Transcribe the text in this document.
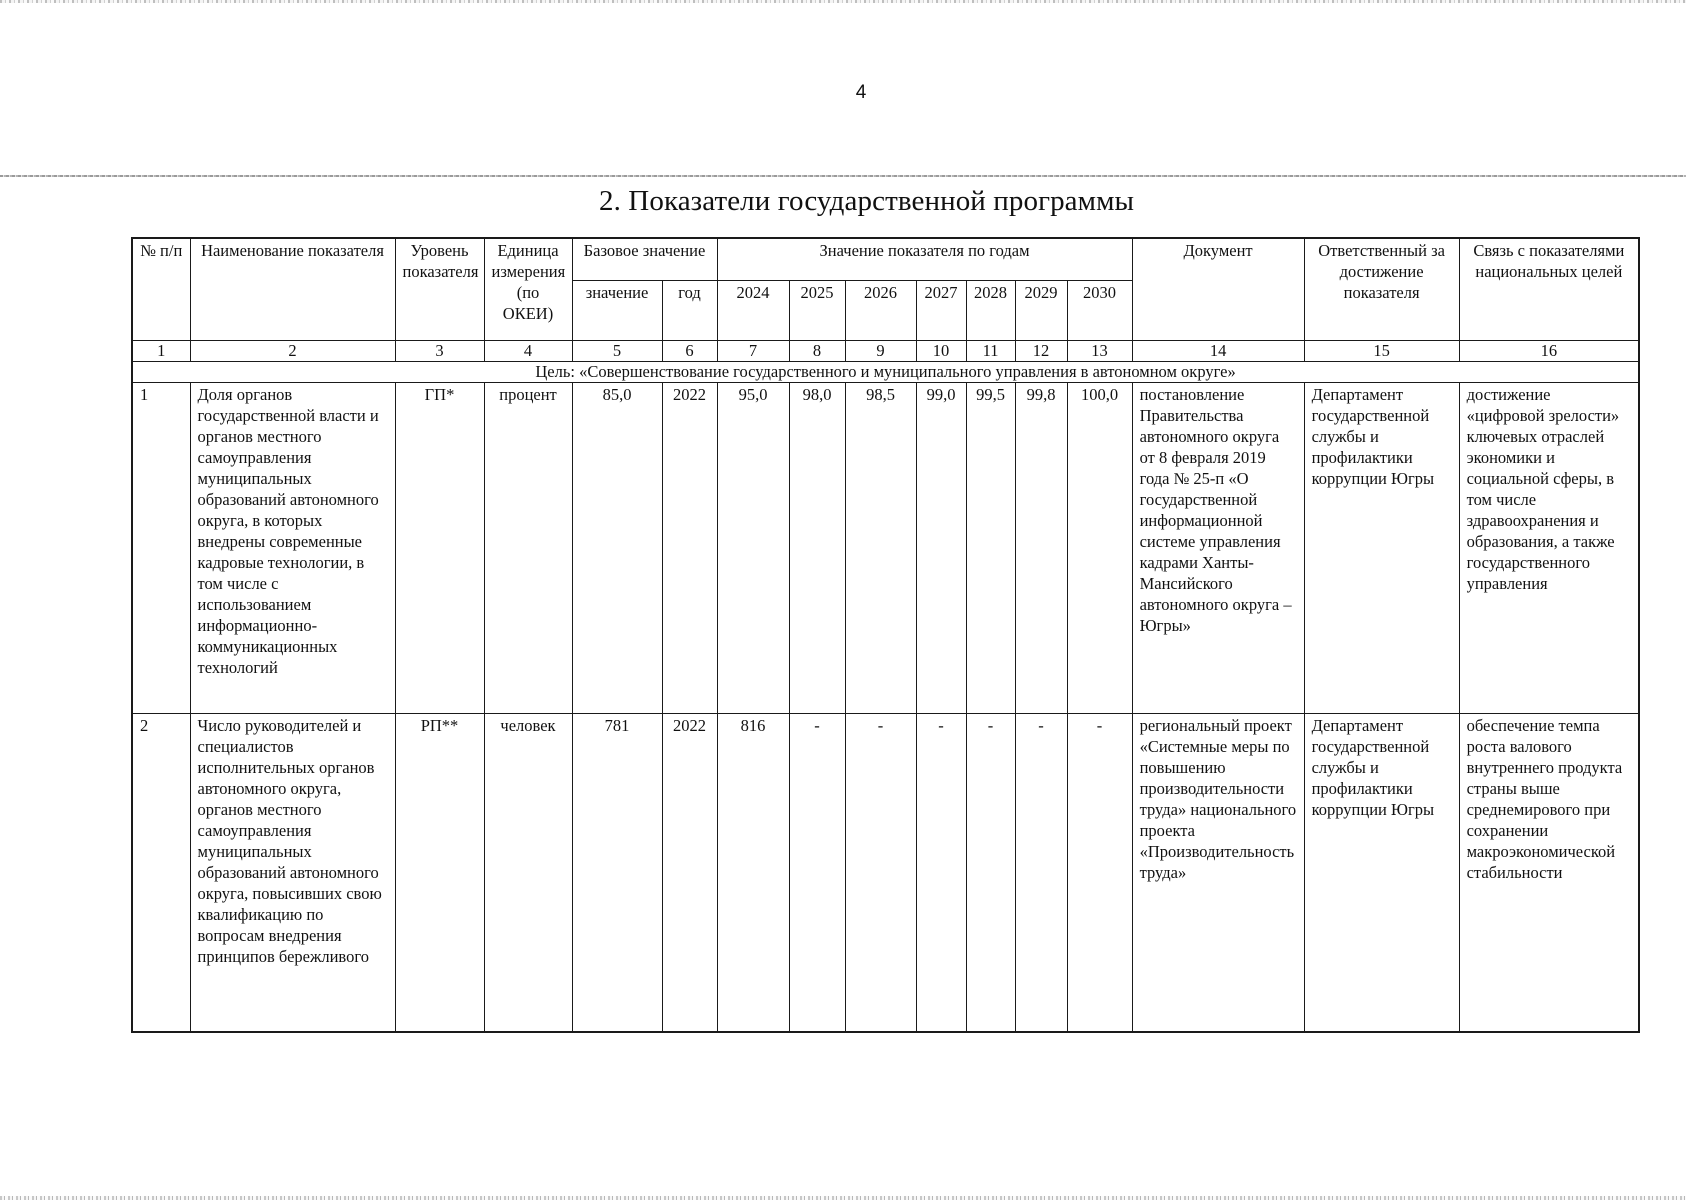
4
2. Показатели государственной программы
№ п/п	Наименование показателя	Уровень показателя	Единица измерения (по ОКЕИ)	Базовое значение		Значение показателя по годам							Документ	Ответственный за достижение показателя	Связь с показателями национальных целей
				значение	год	2024	2025	2026	2027	2028	2029	2030			
1	2	3	4	5	6	7	8	9	10	11	12	13	14	15	16
Цель: «Совершенствование государственного и муниципального управления в автономном округе»															
1	Доля органов государственной власти и органов местного самоуправления муниципальных образований автономного округа, в которых внедрены современные кадровые технологии, в том числе с использованием информационно-коммуникационных технологий	ГП*	процент	85,0	2022	95,0	98,0	98,5	99,0	99,5	99,8	100,0	постановление Правительства автономного округа от 8 февраля 2019 года № 25-п «О государственной информационной системе управления кадрами Ханты-Мансийского автономного округа – Югры»	Департамент государственной службы и профилактики коррупции Югры	достижение «цифровой зрелости» ключевых отраслей экономики и социальной сферы, в том числе здравоохранения и образования, а также государственного управления
2	Число руководителей и специалистов исполнительных органов автономного округа, органов местного самоуправления муниципальных образований автономного округа, повысивших свою квалификацию по вопросам внедрения принципов бережливого	РП**	человек	781	2022	816	-	-	-	-	-	-	региональный проект «Системные меры по повышению производительности труда» национального проекта «Производительность труда»	Департамент государственной службы и профилактики коррупции Югры	обеспечение темпа роста валового внутреннего продукта страны выше среднемирового при сохранении макроэкономической стабильности
